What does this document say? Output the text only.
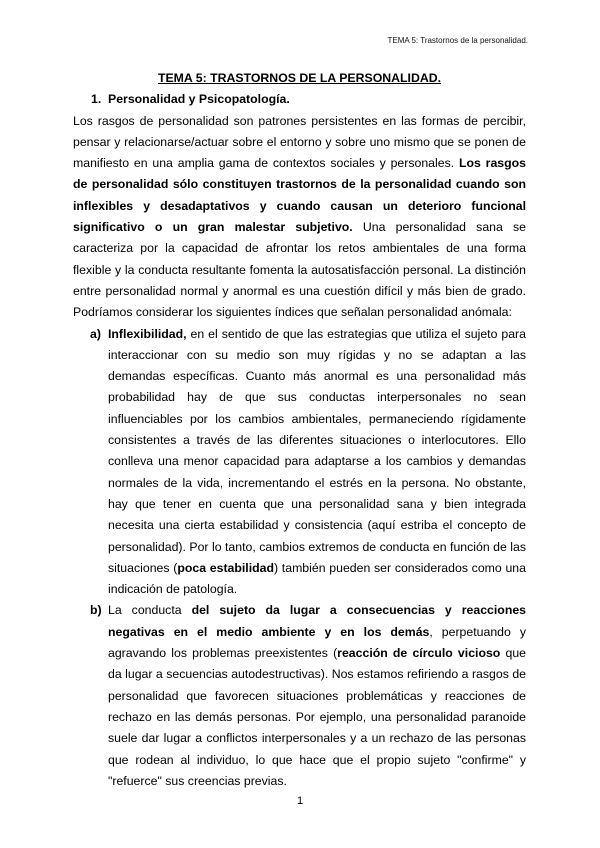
TEMA 5: Trastornos de la personalidad.
TEMA 5: TRASTORNOS DE LA PERSONALIDAD.
1. Personalidad y Psicopatología.

Los rasgos de personalidad son patrones persistentes en las formas de percibir, pensar y relacionarse/actuar sobre el entorno y sobre uno mismo que se ponen de manifiesto en una amplia gama de contextos sociales y personales. Los rasgos de personalidad sólo constituyen trastornos de la personalidad cuando son inflexibles y desadaptativos y cuando causan un deterioro funcional significativo o un gran malestar subjetivo. Una personalidad sana se caracteriza por la capacidad de afrontar los retos ambientales de una forma flexible y la conducta resultante fomenta la autosatisfacción personal. La distinción entre personalidad normal y anormal es una cuestión difícil y más bien de grado. Podríamos considerar los siguientes índices que señalan personalidad anómala:

a) Inflexibilidad, en el sentido de que las estrategias que utiliza el sujeto para interaccionar con su medio son muy rígidas y no se adaptan a las demandas específicas. Cuanto más anormal es una personalidad más probabilidad hay de que sus conductas interpersonales no sean influenciables por los cambios ambientales, permaneciendo rígidamente consistentes a través de las diferentes situaciones o interlocutores. Ello conlleva una menor capacidad para adaptarse a los cambios y demandas normales de la vida, incrementando el estrés en la persona. No obstante, hay que tener en cuenta que una personalidad sana y bien integrada necesita una cierta estabilidad y consistencia (aquí estriba el concepto de personalidad). Por lo tanto, cambios extremos de conducta en función de las situaciones (poca estabilidad) también pueden ser considerados como una indicación de patología.
b) La conducta del sujeto da lugar a consecuencias y reacciones negativas en el medio ambiente y en los demás, perpetuando y agravando los problemas preexistentes (reacción de círculo vicioso que da lugar a secuencias autodestructivas). Nos estamos refiriendo a rasgos de personalidad que favorecen situaciones problemáticas y reacciones de rechazo en las demás personas. Por ejemplo, una personalidad paranoide suele dar lugar a conflictos interpersonales y a un rechazo de las personas que rodean al individuo, lo que hace que el propio sujeto "confirme" y "refuerce" sus creencias previas.
1
